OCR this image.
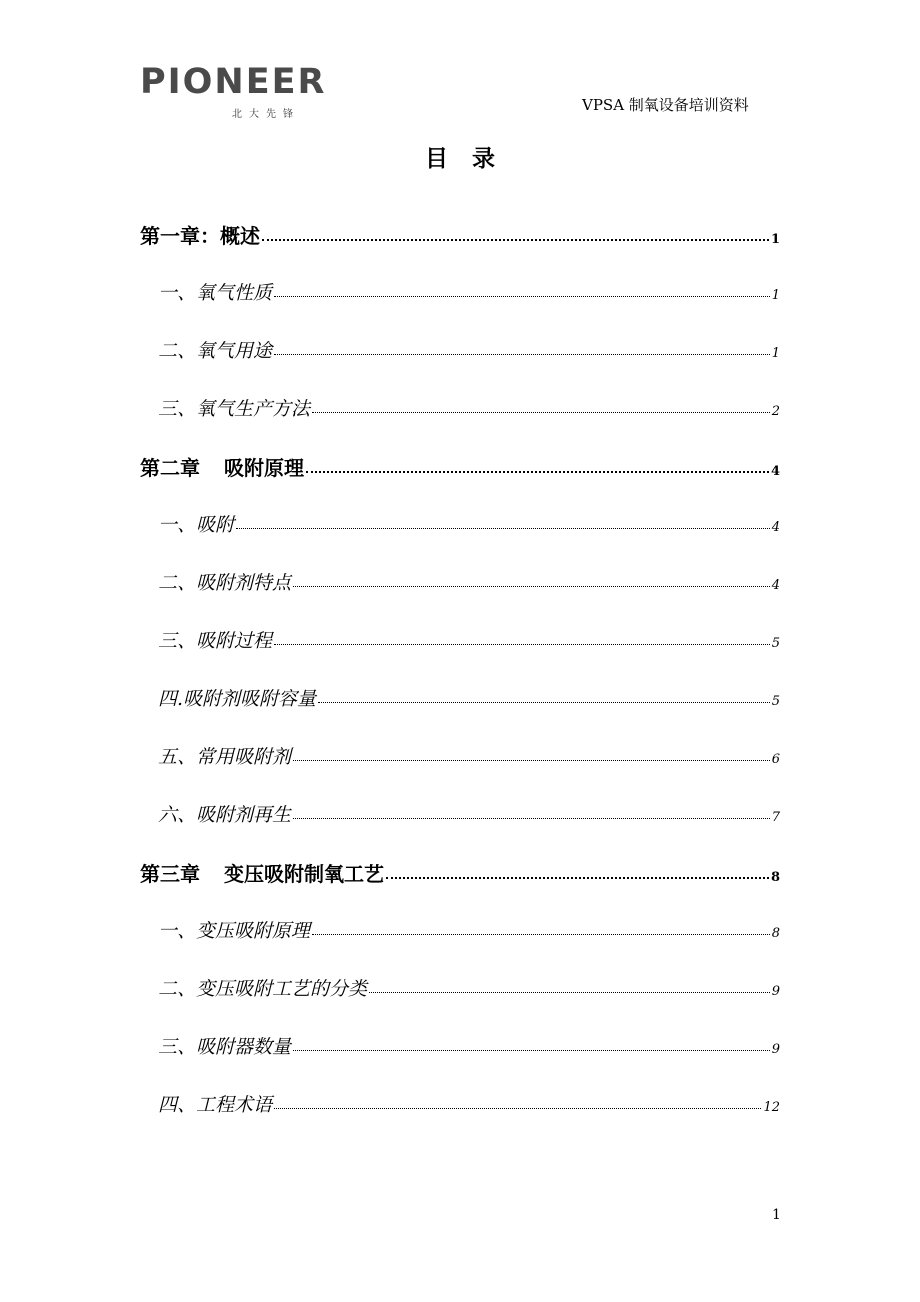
PIONEER
北大先锋
VPSA 制氧设备培训资料
目录
第一章：概述	1
一、氧气性质	1
二、氧气用途	1
三、氧气生产方法	2
第二章 吸附原理	4
一、吸附	4
二、吸附剂特点	4
三、吸附过程	5
四.吸附剂吸附容量	5
五、常用吸附剂	6
六、吸附剂再生	7
第三章 变压吸附制氧工艺	8
一、变压吸附原理	8
二、变压吸附工艺的分类	9
三、吸附器数量	9
四、工程术语	12
1
